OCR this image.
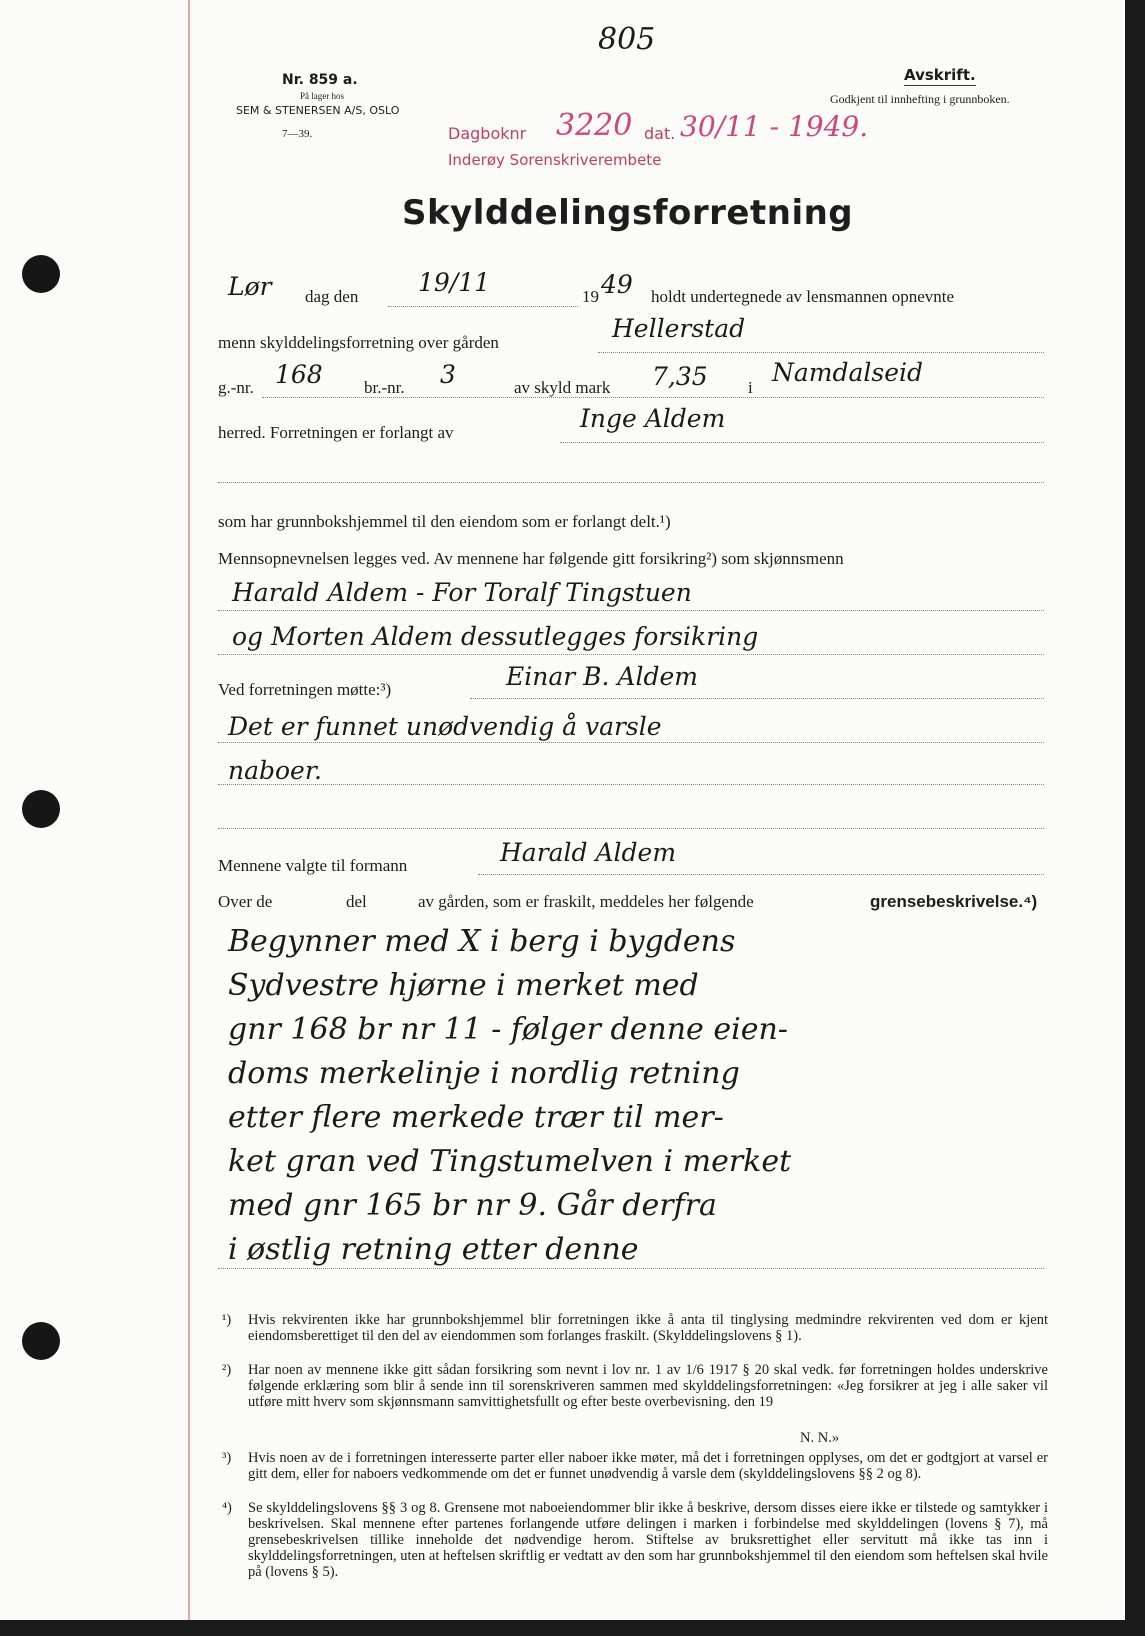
Nr. 859 a.
På lager hos
SEM & STENERSEN A/S, OSLO
7—39.
805
Avskrift.
Godkjent til innhefting i grunnboken.
Dagboknr 3220 dat. 30/11 - 1949.
Inderøy Sorenskriverembete
Skylddelingsforretning
Lør dag den 19/11	19 49 holdt undertegnede av lensmannen opnevnte
menn skylddelingsforretning over gården	Hellerstad
g.-nr. 168 br.-nr. 3	av skyld mark 7,35 i
Namdalseid
herred. Forretningen er forlangt av	Inge Aldem
som har grunnbokshjemmel til den eiendom som er forlangt delt.¹)
Mennsopnevnelsen legges ved. Av mennene har følgende gitt forsikring²) som skjønnsmenn
Harald Aldem - For Toralf Tingstuen
og Morten Aldem dessutlegges forsikring
Ved forretningen møtte:³)	Einar B. Aldem
Det er funnet unødvendig å varsle
naboer.
Mennene valgte til formann	Harald Aldem
Over de	del	av gården, som er fraskilt, meddeles her følgende	grensebeskrivelse.⁴)
Begynner med X i berg i bygdens
Sydvestre hjørne i merket med
gnr 168 br nr 11 - følger denne eien-
doms merkelinje i nordlig retning
etter flere merkede trær til mer-
ket gran ved Tingstumelven i merket
med gnr 165 br nr 9. Går derfra
i østlig retning etter denne
¹) Hvis rekvirenten ikke har grunnbokshjemmel blir forretningen ikke å anta til tinglysing medmindre rekvirenten ved dom er kjent eiendomsberettiget til den del av eiendommen som forlanges fraskilt. (Skylddelingslovens § 1).
²) Har noen av mennene ikke gitt sådan forsikring som nevnt i lov nr. 1 av 1/6 1917 § 20 skal vedk. før forretningen holdes underskrive følgende erklæring som blir å sende inn til sorenskriveren sammen med skylddelingsforretningen: «Jeg forsikrer at jeg i alle saker vil utføre mitt hverv som skjønnsmann samvittighetsfullt og efter beste overbevisning. den 19
N. N.»
³) Hvis noen av de i forretningen interesserte parter eller naboer ikke møter, må det i forretningen opplyses, om det er godtgjort at varsel er gitt dem, eller for naboers vedkommende om det er funnet unødvendig å varsle dem (skylddelingslovens §§ 2 og 8).
⁴) Se skylddelingslovens §§ 3 og 8. Grensene mot naboeiendommer blir ikke å beskrive, dersom disses eiere ikke er tilstede og samtykker i beskrivelsen. Skal mennene efter partenes forlangende utføre delingen i marken i forbindelse med skylddelingen (lovens § 7), må grensebeskrivelsen tillike inneholde det nødvendige herom. Stiftelse av bruksrettighet eller servitutt må ikke tas inn i skylddelingsforretningen, uten at heftelsen skriftlig er vedtatt av den som har grunnbokshjemmel til den eiendom som heftelsen skal hvile på (lovens § 5).
